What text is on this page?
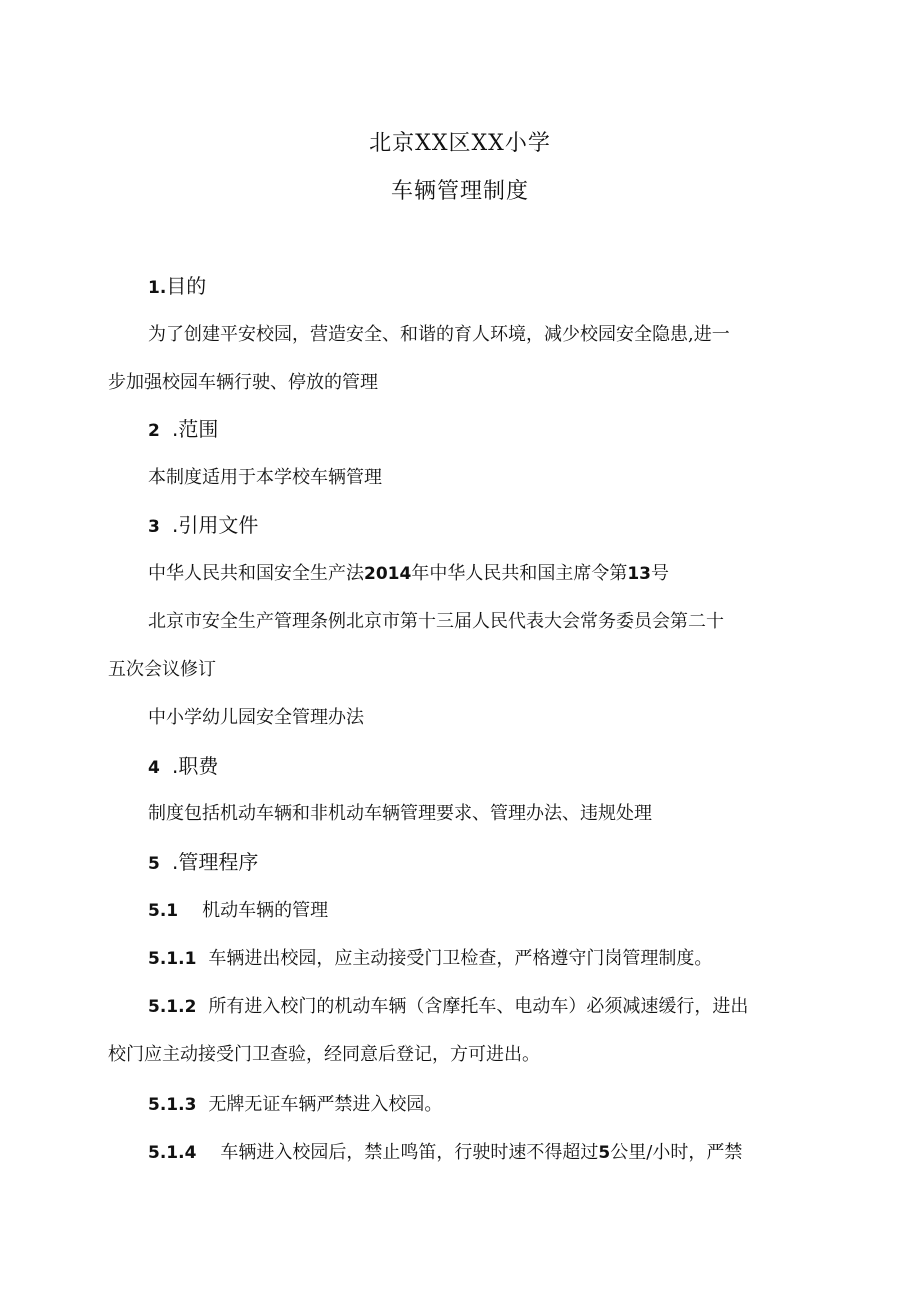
北京XX区XX小学
车辆管理制度
1.目的
为了创建平安校园，营造安全、和谐的育人环境，减少校园安全隐患,进一
步加强校园车辆行驶、停放的管理
2 .范围
本制度适用于本学校车辆管理
3 .引用文件
中华人民共和国安全生产法2014年中华人民共和国主席令第13号
北京市安全生产管理条例北京市第十三届人民代表大会常务委员会第二十
五次会议修订
中小学幼儿园安全管理办法
4 .职费
制度包括机动车辆和非机动车辆管理要求、管理办法、违规处理
5 .管理程序
5.1 机动车辆的管理
5.1.1 车辆进出校园，应主动接受门卫检查，严格遵守门岗管理制度。
5.1.2 所有进入校门的机动车辆（含摩托车、电动车）必须减速缓行，进出
校门应主动接受门卫查验，经同意后登记，方可进出。
5.1.3 无牌无证车辆严禁进入校园。
5.1.4 车辆进入校园后，禁止鸣笛，行驶时速不得超过5公里/小时，严禁
